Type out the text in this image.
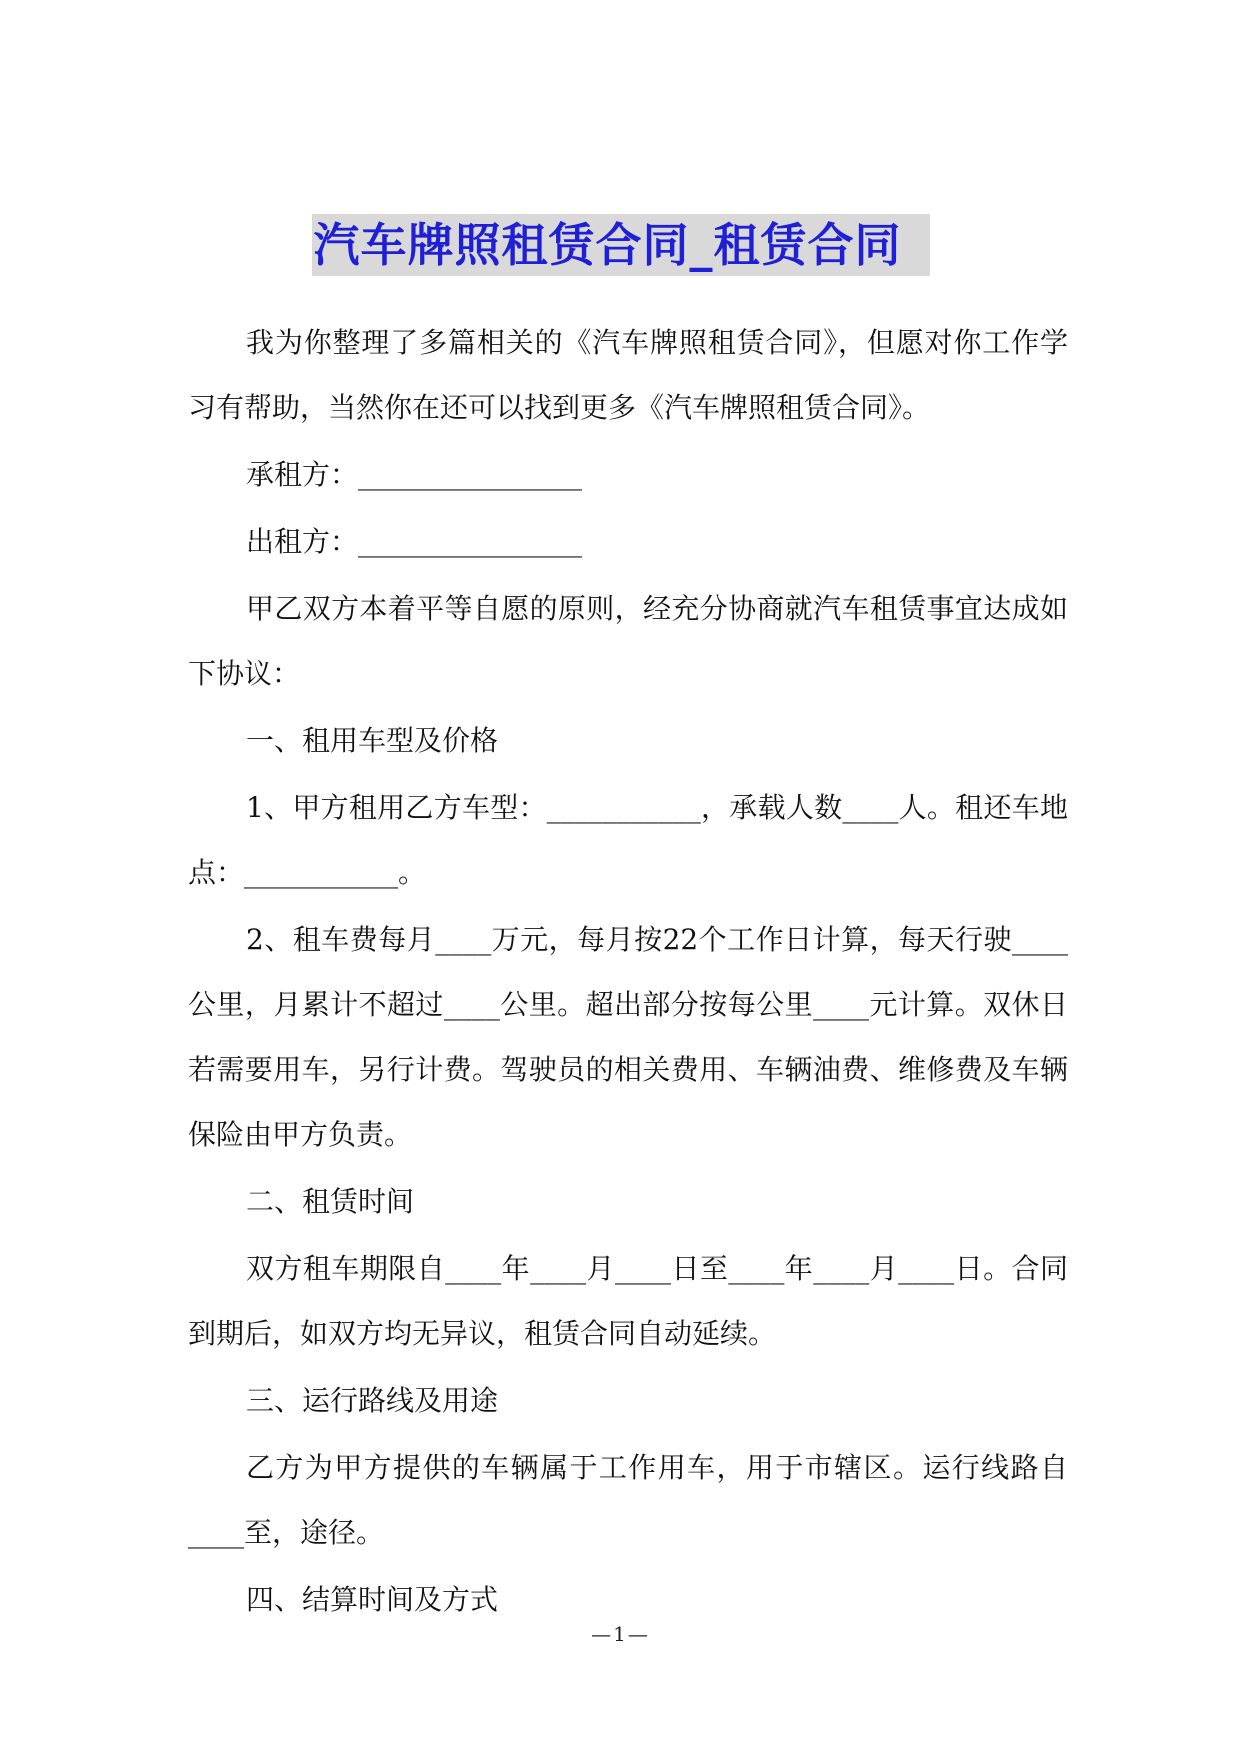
汽车牌照租赁合同_租赁合同

我为你整理了多篇相关的《汽车牌照租赁合同》，但愿对你工作学习有帮助，当然你在还可以找到更多《汽车牌照租赁合同》。

承租方：________________

出租方：________________

甲乙双方本着平等自愿的原则，经充分协商就汽车租赁事宜达成如下协议：

一、租用车型及价格

1、甲方租用乙方车型：___________，承载人数____人。租还车地点：___________。

2、租车费每月____万元，每月按22个工作日计算，每天行驶____公里，月累计不超过____公里。超出部分按每公里____元计算。双休日若需要用车，另行计费。驾驶员的相关费用、车辆油费、维修费及车辆保险由甲方负责。

二、租赁时间

双方租车期限自____年____月____日至____年____月____日。合同到期后，如双方均无异议，租赁合同自动延续。

三、运行路线及用途

乙方为甲方提供的车辆属于工作用车，用于市辖区。运行线路自____至，途径。

四、结算时间及方式

—1—
